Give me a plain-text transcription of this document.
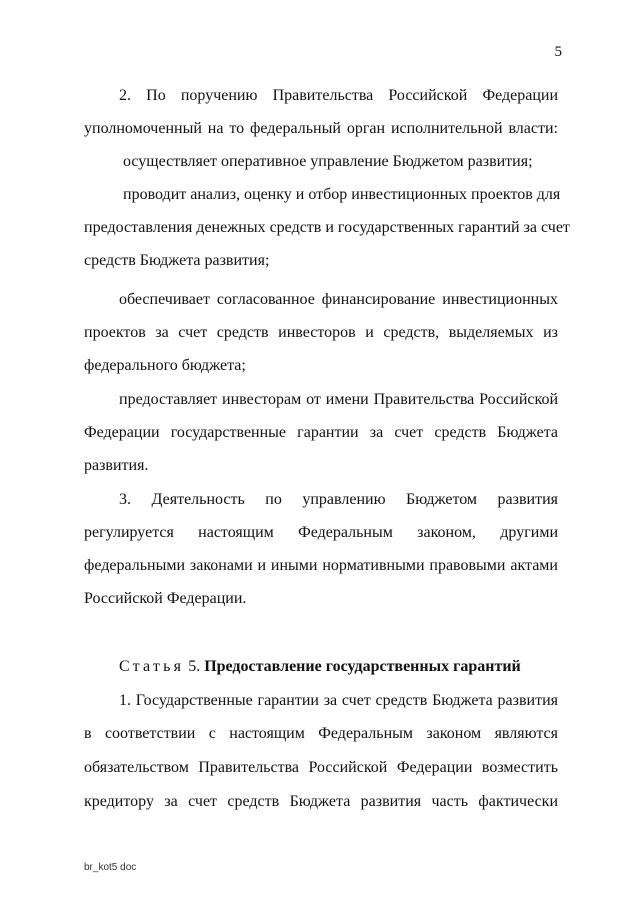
5
2. По поручению Правительства Российской Федерации
уполномоченный на то федеральный орган исполнительной власти:
осуществляет оперативное управление Бюджетом развития;
проводит анализ, оценку и отбор инвестиционных проектов для
предоставления денежных средств и государственных гарантий за счет
средств Бюджета развития;
обеспечивает согласованное финансирование инвестиционных
проектов за счет средств инвесторов и средств, выделяемых из
федерального бюджета;
предоставляет инвесторам от имени Правительства Российской
Федерации государственные гарантии за счет средств Бюджета
развития.
3. Деятельность по управлению Бюджетом развития
регулируется настоящим Федеральным законом, другими
федеральными законами и иными нормативными правовыми актами
Российской Федерации.
Статья 5. Предоставление государственных гарантий
1. Государственные гарантии за счет средств Бюджета развития
в соответствии с настоящим Федеральным законом являются
обязательством Правительства Российской Федерации возместить
кредитору за счет средств Бюджета развития часть фактически
br_kot5 doc
